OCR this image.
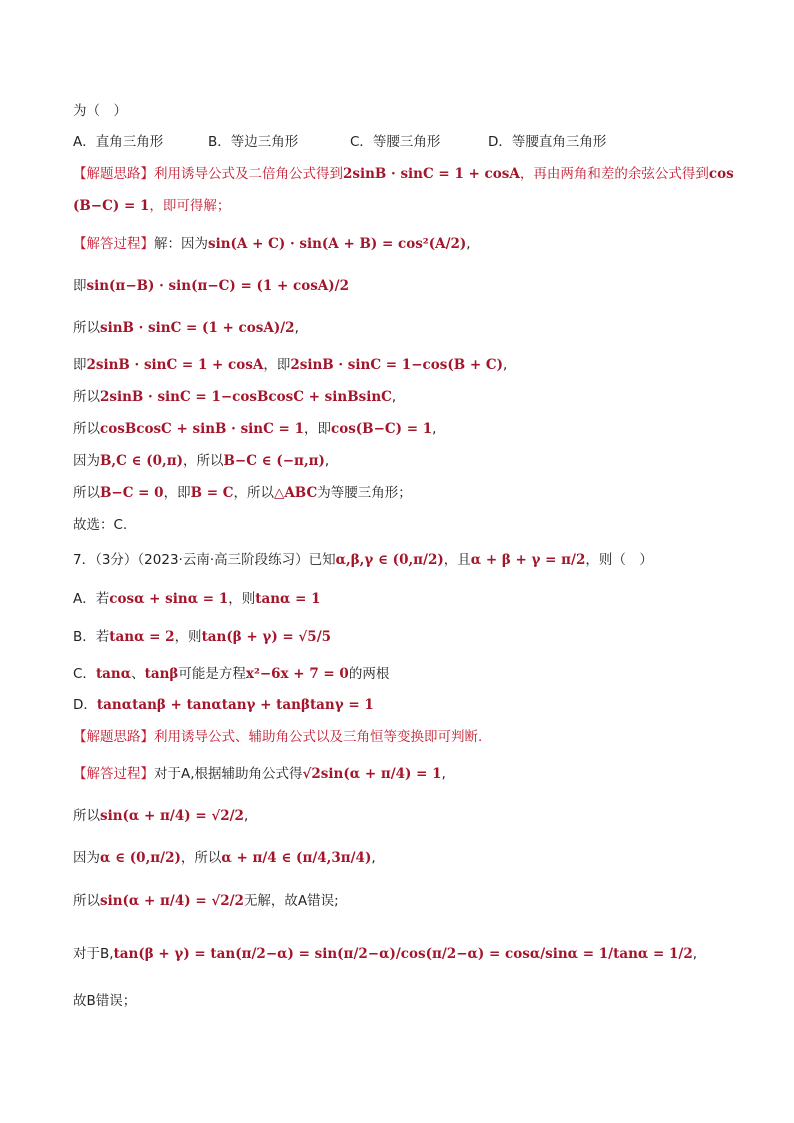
为（　）
A．直角三角形	B．等边三角形	C．等腰三角形	D．等腰直角三角形
【解题思路】利用诱导公式及二倍角公式得到2sinB · sinC = 1 + cosA，再由两角和差的余弦公式得到cos
(B−C) = 1，即可得解；
【解答过程】解：因为sin(A + C) · sin(A + B) = cos²(A/2),
即sin(π−B) · sin(π−C) = (1 + cosA)/2
所以sinB · sinC = (1 + cosA)/2,
即2sinB · sinC = 1 + cosA，即2sinB · sinC = 1−cos(B + C),
所以2sinB · sinC = 1−cosBcosC + sinBsinC,
所以cosBcosC + sinB · sinC = 1，即cos(B−C) = 1,
因为B,C ∈ (0,π)，所以B−C ∈ (−π,π),
所以B−C = 0，即B = C，所以△ABC为等腰三角形；
故选：C.
7．（3分）（2023·云南·高三阶段练习）已知α,β,γ ∈ (0,π/2)，且α + β + γ = π/2，则（　）
A．若cosα + sinα = 1，则tanα = 1
B．若tanα = 2，则tan(β + γ) = √5/5
C．tanα、tanβ可能是方程x²−6x + 7 = 0的两根
D．tanαtanβ + tanαtanγ + tanβtanγ = 1
【解题思路】利用诱导公式、辅助角公式以及三角恒等变换即可判断.
【解答过程】对于A,根据辅助角公式得√2sin(α + π/4) = 1,
所以sin(α + π/4) = √2/2,
因为α ∈ (0,π/2)，所以α + π/4 ∈ (π/4,3π/4),
所以sin(α + π/4) = √2/2无解，故A错误;
对于B,tan(β + γ) = tan(π/2−α) = sin(π/2−α)/cos(π/2−α) = cosα/sinα = 1/tanα = 1/2,
故B错误；
